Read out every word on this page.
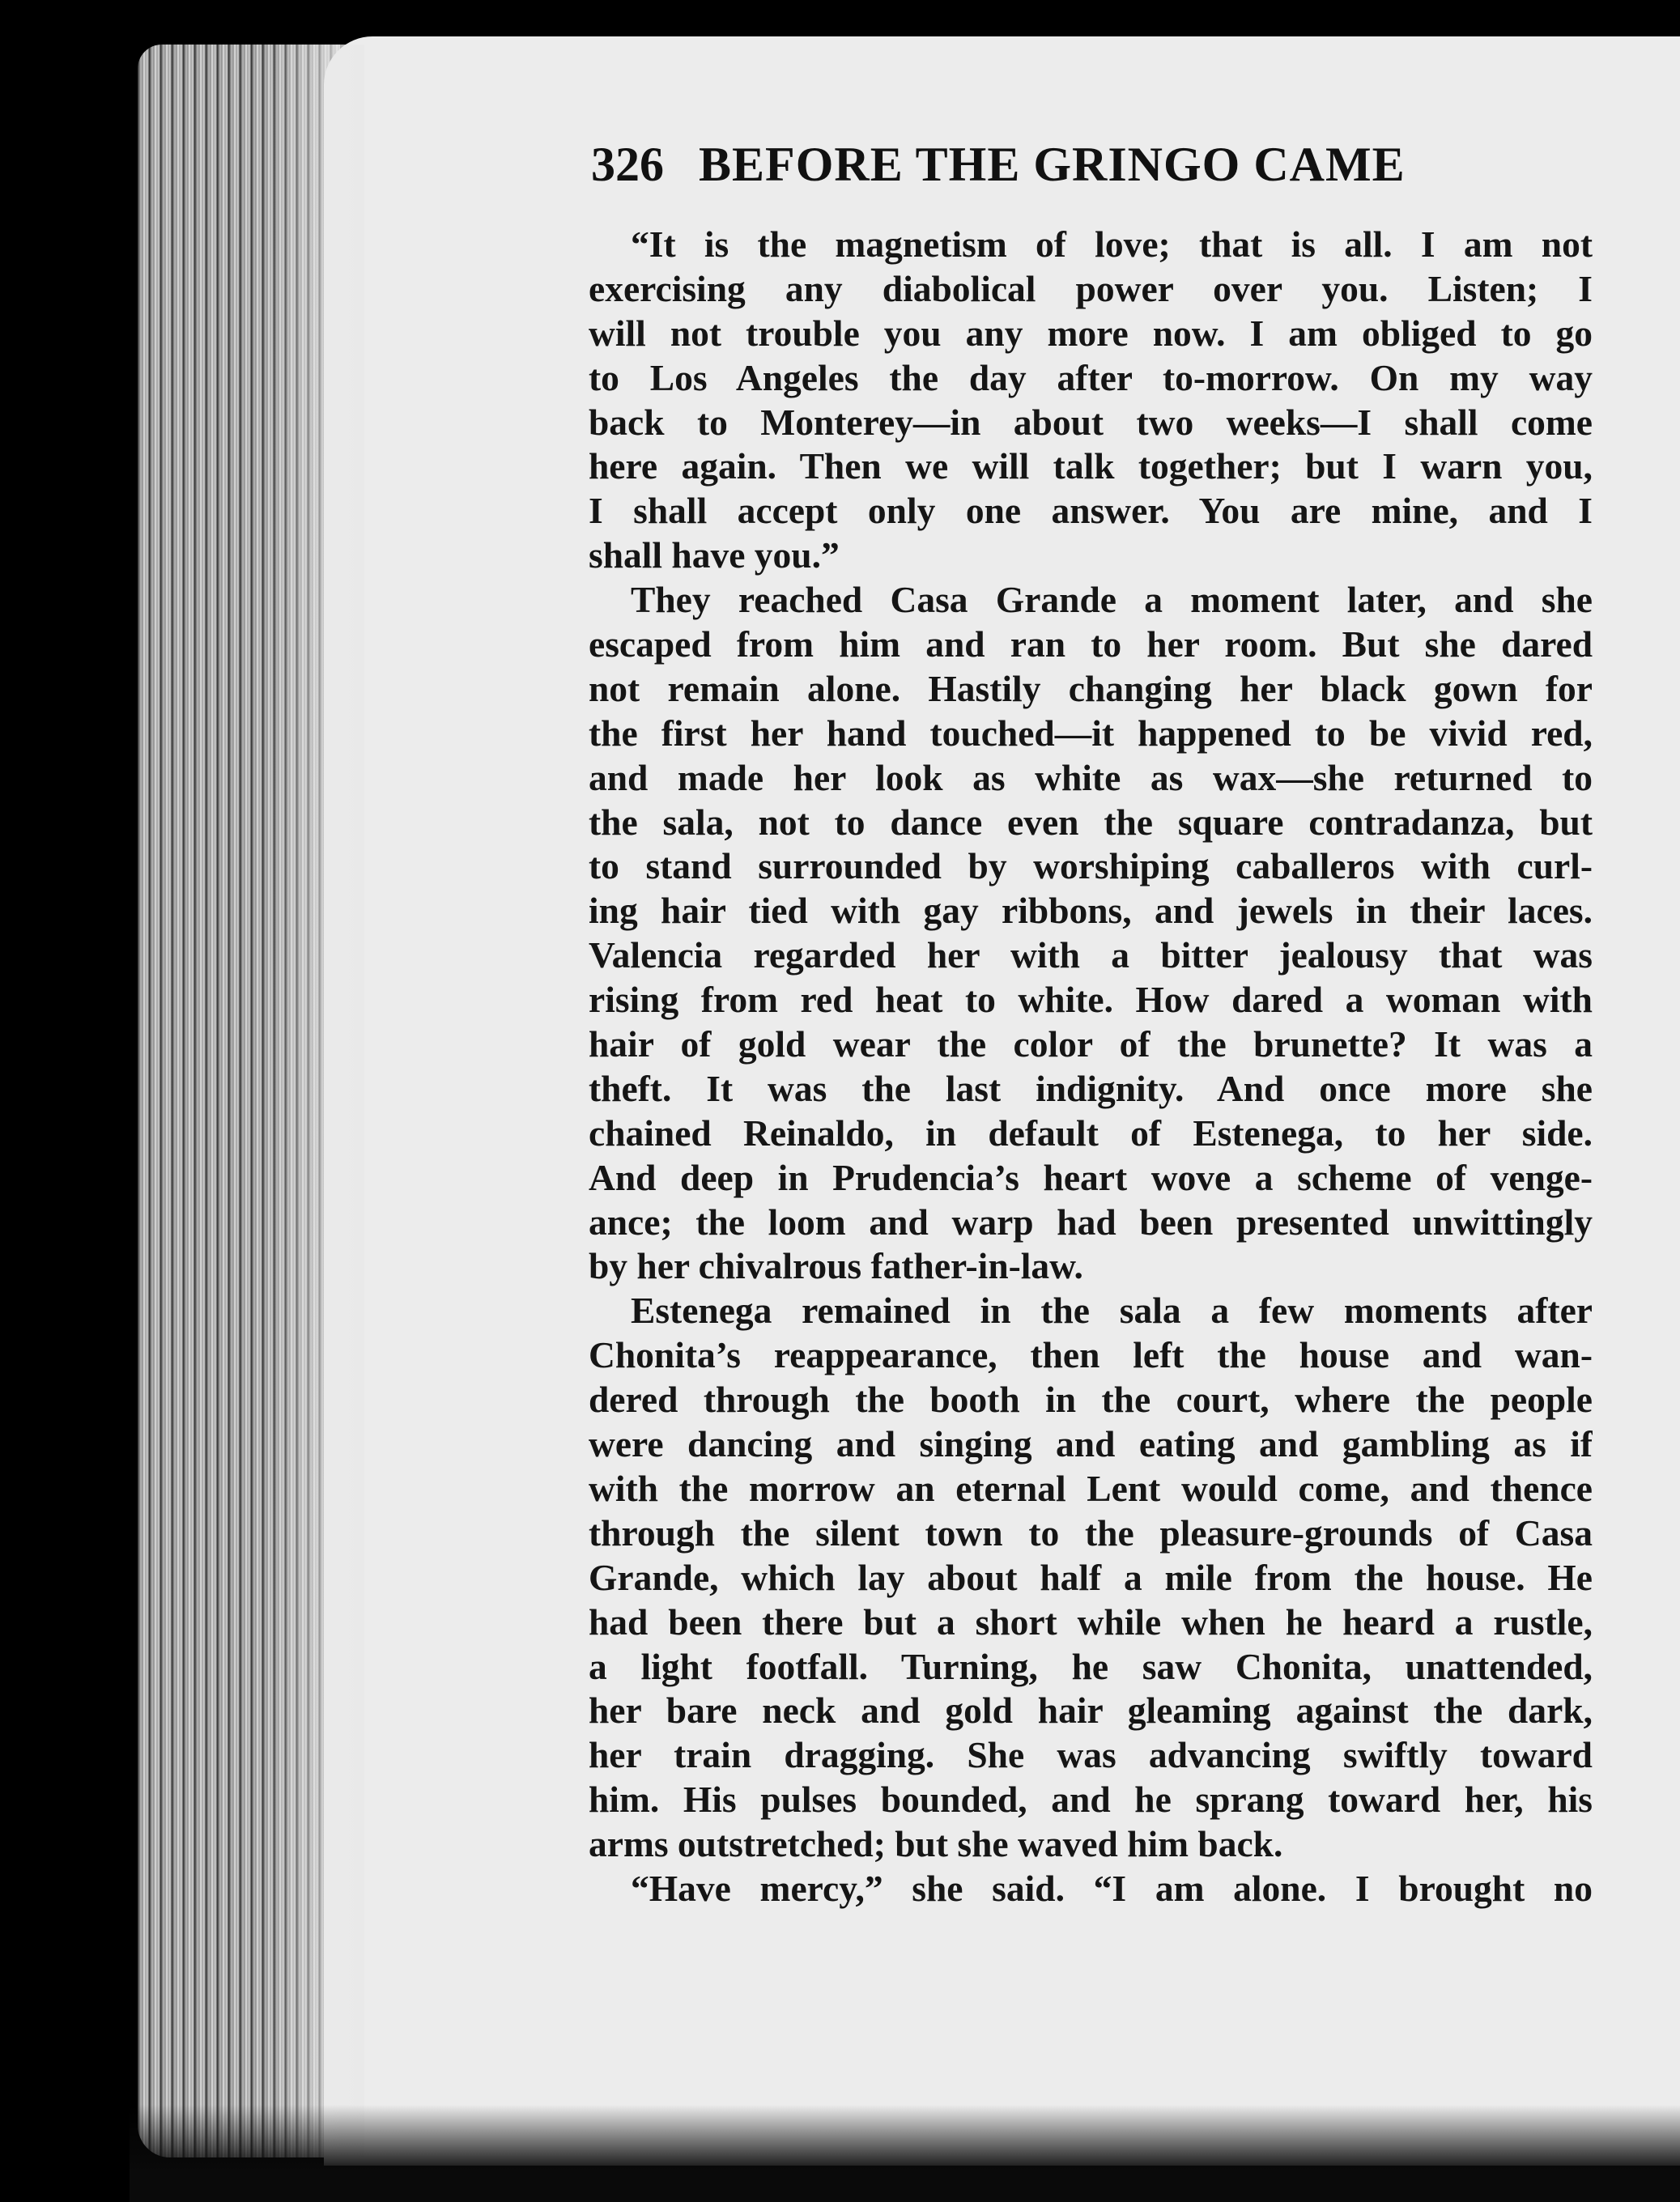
326 BEFORE THE GRINGO CAME
“It is the magnetism of love; that is all. I am not
exercising any diabolical power over you. Listen; I
will not trouble you any more now. I am obliged to go
to Los Angeles the day after to-morrow. On my way
back to Monterey—in about two weeks—I shall come
here again. Then we will talk together; but I warn you,
I shall accept only one answer. You are mine, and I
shall have you.”
They reached Casa Grande a moment later, and she
escaped from him and ran to her room. But she dared
not remain alone. Hastily changing her black gown for
the first her hand touched—it happened to be vivid red,
and made her look as white as wax—she returned to
the sala, not to dance even the square contradanza, but
to stand surrounded by worshiping caballeros with curl-
ing hair tied with gay ribbons, and jewels in their laces.
Valencia regarded her with a bitter jealousy that was
rising from red heat to white. How dared a woman with
hair of gold wear the color of the brunette? It was a
theft. It was the last indignity. And once more she
chained Reinaldo, in default of Estenega, to her side.
And deep in Prudencia’s heart wove a scheme of venge-
ance; the loom and warp had been presented unwittingly
by her chivalrous father-in-law.
Estenega remained in the sala a few moments after
Chonita’s reappearance, then left the house and wan-
dered through the booth in the court, where the people
were dancing and singing and eating and gambling as if
with the morrow an eternal Lent would come, and thence
through the silent town to the pleasure-grounds of Casa
Grande, which lay about half a mile from the house. He
had been there but a short while when he heard a rustle,
a light footfall. Turning, he saw Chonita, unattended,
her bare neck and gold hair gleaming against the dark,
her train dragging. She was advancing swiftly toward
him. His pulses bounded, and he sprang toward her, his
arms outstretched; but she waved him back.
“Have mercy,” she said. “I am alone. I brought no
